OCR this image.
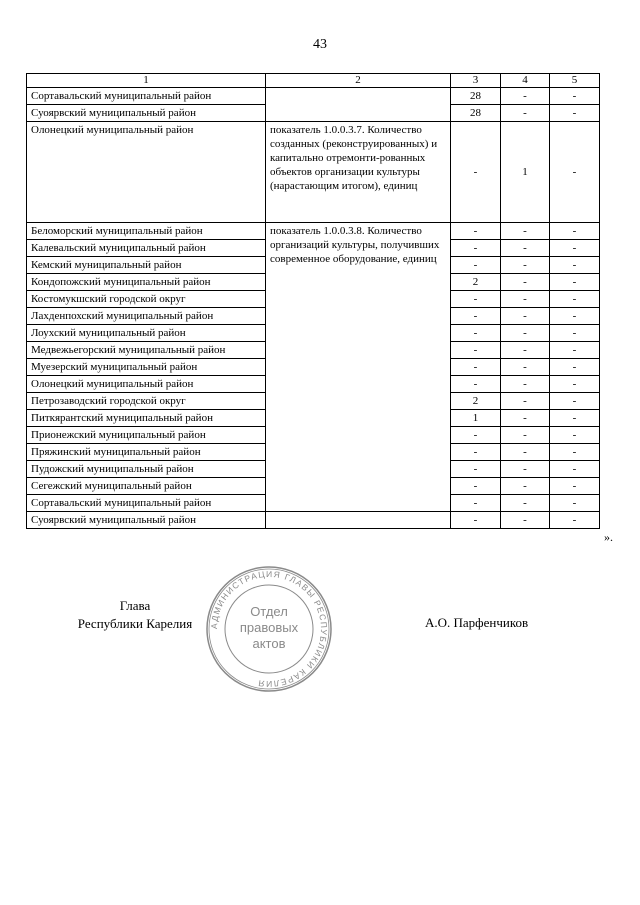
43
1	2	3	4	5
Сортавальский муниципальный район		28	-	-
Суоярвский муниципальный район		28	-	-
Олонецкий муниципальный район	показатель 1.0.0.3.7. Количество созданных (реконструированных) и капитально отремонти-рованных объектов организации культуры (нарастающим итогом), единиц	-	1	-
Беломорский муниципальный район	показатель 1.0.0.3.8. Количество организаций культуры, получивших современное оборудование, единиц	-	-	-
Калевальский муниципальный район		-	-	-
Кемский муниципальный район		-	-	-
Кондопожский муниципальный район		2	-	-
Костомукшский городской округ		-	-	-
Лахденпохский муниципальный район		-	-	-
Лоухский муниципальный район		-	-	-
Медвежьегорский муниципальный район		-	-	-
Муезерский муниципальный район		-	-	-
Олонецкий муниципальный район		-	-	-
Петрозаводский городской округ		2	-	-
Питкярантский муниципальный район		1	-	-
Прионежский муниципальный район		-	-	-
Пряжинский муниципальный район		-	-	-
Пудожский муниципальный район		-	-	-
Сегежский муниципальный район		-	-	-
Сортавальский муниципальный район		-	-	-
Суоярвский муниципальный район		-	-	-
».
Глава
Республики Карелия	АДМИНИСТРАЦИЯ ГЛАВЫ РЕСПУБЛИКИ КАРЕЛИЯ
Отдел
правовых
актов
А.О. Парфенчиков
